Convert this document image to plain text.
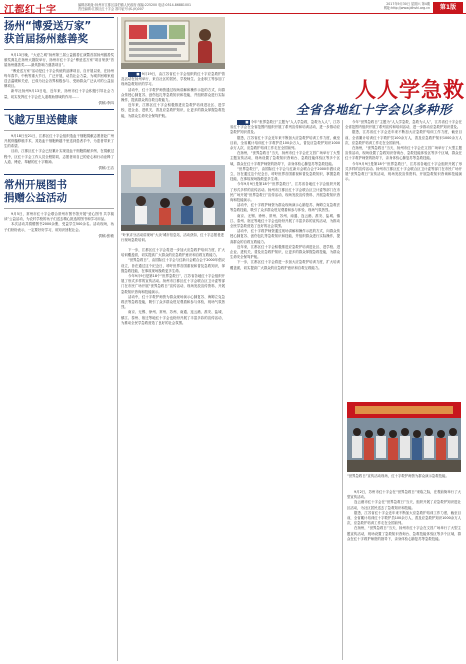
江都红十字	编辑部地址:扬州市江都区邵伯镇人民政府 邮编:225200 电话:0514-86881001
责任编辑:江都区红十字会 准印证号:JS-(K)007
2017年9月30日 星期六 第4期
网址:http://www.jdhshi.org.cn	第1版
扬州“博爱送万家”
获首届扬州慈善奖

9月13日晚，“大爱之城”扬州第三届公益慈善汇演暨首届扬州慈善奖颁奖典礼在扬州大剧院举行，扬州市红十字会“博爱送万家”项目荣获“首届扬州慈善奖——最具影响力慈善项目”。

“博爱送万家”活动是红十字会传统的品牌项目，自开展以来，在扬州每年春节、中秋等重大节日，广泛开展，动员社会力量，为城乡困难家庭送去温暖和关爱，已成为社会各界积极参与、受助群众广泛认可的公益品牌项目。

新华社扬州9月13日电，近年来，扬州市红十字会积极引导社会力量，切实发挥红十字会在人道救助领域的作用……

供稿:李四
飞越万里送健康

9月18日至21日，江都区红十字会组织造血干细胞捐献志愿者赴广州开展骨髓移植手术，其造血干细胞跨越千里送到患者手中，为患者带来了生的希望。

目前，江都区红十字会已经累计实现造血干细胞捐献多例，在捐献过程中，区红十字会工作人员全程陪同，志愿者用自己的爱心和行动诠释了人道、博爱、奉献的红十字精神。

供稿:王洁
常州开展图书
捐赠公益活动

9月5日，常州市红十字会联合常州市图书馆开展“爱心图书 共享阅读”公益活动，为农村学校的孩子们送去精心挑选的图书和学习用品。

本次活动共捐赠图书2000余册，受益学生500余名。活动现场，孩子们纷纷表示，一定要好好学习，用知识回报社会。

供稿:张敏
人人学急救
全省各地红十字会以多种形

■ 9月19日，由江苏省红十字会组织的红十字应急救护普及活动在扬州举行，来自社区的居民、学校师生、企业职工等参加了现场急救知识的学习。

活动中，红十字救护师资通过现场讲解和操作示范的方式，向群众传授心肺复苏、创伤包扎等急救知识和技能，并组织群众进行实际操作，提高群众的自救互救能力。

近年来，江都区红十字会积极推进应急救护培训进社区、进学校、进企业、进机关，普及应急救护知识，让更多的群众掌握急救技能，为群众生命安全保驾护航。

“叶家卉分活动讲现场”大卖‘城市信息站，活动获如，红十字志愿者进行现场急救培训。

下一步，江都区红十字会将进一步加大应急救护培训力度，扩大培训覆盖面，切实提高广大群众的应急救护意识和自救互救能力。

“世界急救日”，由国际红十字会与红新月会联合会于2000年倡议设立，旨在通过这个纪念日，呼吁世界各国重视和普及急救知识，掌握急救技能，在事故现场挽救更多生命。

今年9月9日是第18个“世界急救日”，江苏省各地红十字会组织开展了形式多样的宣传活动。扬州市江都区红十字会联合区卫计委等部门在市民广场开展“世界急救日”宣传活动，现场发放宣传资料、开展急救知识咨询和技能演示。

活动中，红十字救护师资为群众现场演示心肺复苏、海姆立克急救法等急救技能，吸引了众多群众驻足观看和参与体验，现场气氛热烈。

南京、无锡、徐州、常州、苏州、南通、连云港、淮安、盐城、镇江、泰州、宿迁等地红十字会也纷纷开展了丰富多彩的宣传活动，为推动全民学急救营造了良好的社会氛围。

■ 今年“世界急救日”主题为“人人学急救，急救为人人”，江苏省红十字会在全省范围内组织开展了系列宣传和培训活动，进一步推动应急救护知识普及。

据悉，江苏省红十字会近年来不断加大应急救护培训工作力度，截至目前，全省累计培训红十字救护员100余万人，普及应急救护知识1000余万人次，应急救护培训工作走在全国前列。

在扬州，“世界急救日”当天，扬州市红十字会在文昌广场举行了大型主题宣传活动，现场设置了急救知识咨询台、急救技能体验区等多个区域，群众在红十字救护师资的指导下，亲身体验心肺复苏等急救技能。

“世界急救日”，由国际红十字会与红新月会联合会于2000年倡议设立，旨在通过这个纪念日，呼吁世界各国重视和普及急救知识，掌握急救技能，在事故现场挽救更多生命。

今年9月9日是第18个“世界急救日”，江苏省各地红十字会组织开展了形式多样的宣传活动。扬州市江都区红十字会联合区卫计委等部门在市民广场开展“世界急救日”宣传活动，现场发放宣传资料、开展急救知识咨询和技能演示。

活动中，红十字救护师资为群众现场演示心肺复苏、海姆立克急救法等急救技能，吸引了众多群众驻足观看和参与体验，现场气氛热烈。

南京、无锡、徐州、常州、苏州、南通、连云港、淮安、盐城、镇江、泰州、宿迁等地红十字会也纷纷开展了丰富多彩的宣传活动，为推动全民学急救营造了良好的社会氛围。

活动中，红十字救护师资通过现场讲解和操作示范的方式，向群众传授心肺复苏、创伤包扎等急救知识和技能，并组织群众进行实际操作，提高群众的自救互救能力。

近年来，江都区红十字会积极推进应急救护培训进社区、进学校、进企业、进机关，普及应急救护知识，让更多的群众掌握急救技能，为群众生命安全保驾护航。

下一步，江都区红十字会将进一步加大应急救护培训力度，扩大培训覆盖面，切实提高广大群众的应急救护意识和自救互救能力。

今年“世界急救日”主题为“人人学急救，急救为人人”，江苏省红十字会在全省范围内组织开展了系列宣传和培训活动，进一步推动应急救护知识普及。

据悉，江苏省红十字会近年来不断加大应急救护培训工作力度，截至目前，全省累计培训红十字救护员100余万人，普及应急救护知识1000余万人次，应急救护培训工作走在全国前列。

在扬州，“世界急救日”当天，扬州市红十字会在文昌广场举行了大型主题宣传活动，现场设置了急救知识咨询台、急救技能体验区等多个区域，群众在红十字救护师资的指导下，亲身体验心肺复苏等急救技能。

今年9月9日是第18个“世界急救日”，江苏省各地红十字会组织开展了形式多样的宣传活动。扬州市江都区红十字会联合区卫计委等部门在市民广场开展“世界急救日”宣传活动，现场发放宣传资料、开展急救知识咨询和技能演示。

“世界急救日”宣传活动现场，红十字救护师资为群众演示急救技能。

9月2日，苏州市红十字会在“世界急救日”来临之际，在观前街举行了大型宣传活动。

连云港市红十字会在“世界急救日”当天，组织开展了应急救护知识进社区活动，为社区居民送去了急救知识和技能。

据悉，江苏省红十字会近年来不断加大应急救护培训工作力度，截至目前，全省累计培训红十字救护员100余万人，普及应急救护知识1000余万人次，应急救护培训工作走在全国前列。

在扬州，“世界急救日”当天，扬州市红十字会在文昌广场举行了大型主题宣传活动，现场设置了急救知识咨询台、急救技能体验区等多个区域，群众在红十字救护师资的指导下，亲身体验心肺复苏等急救技能。
